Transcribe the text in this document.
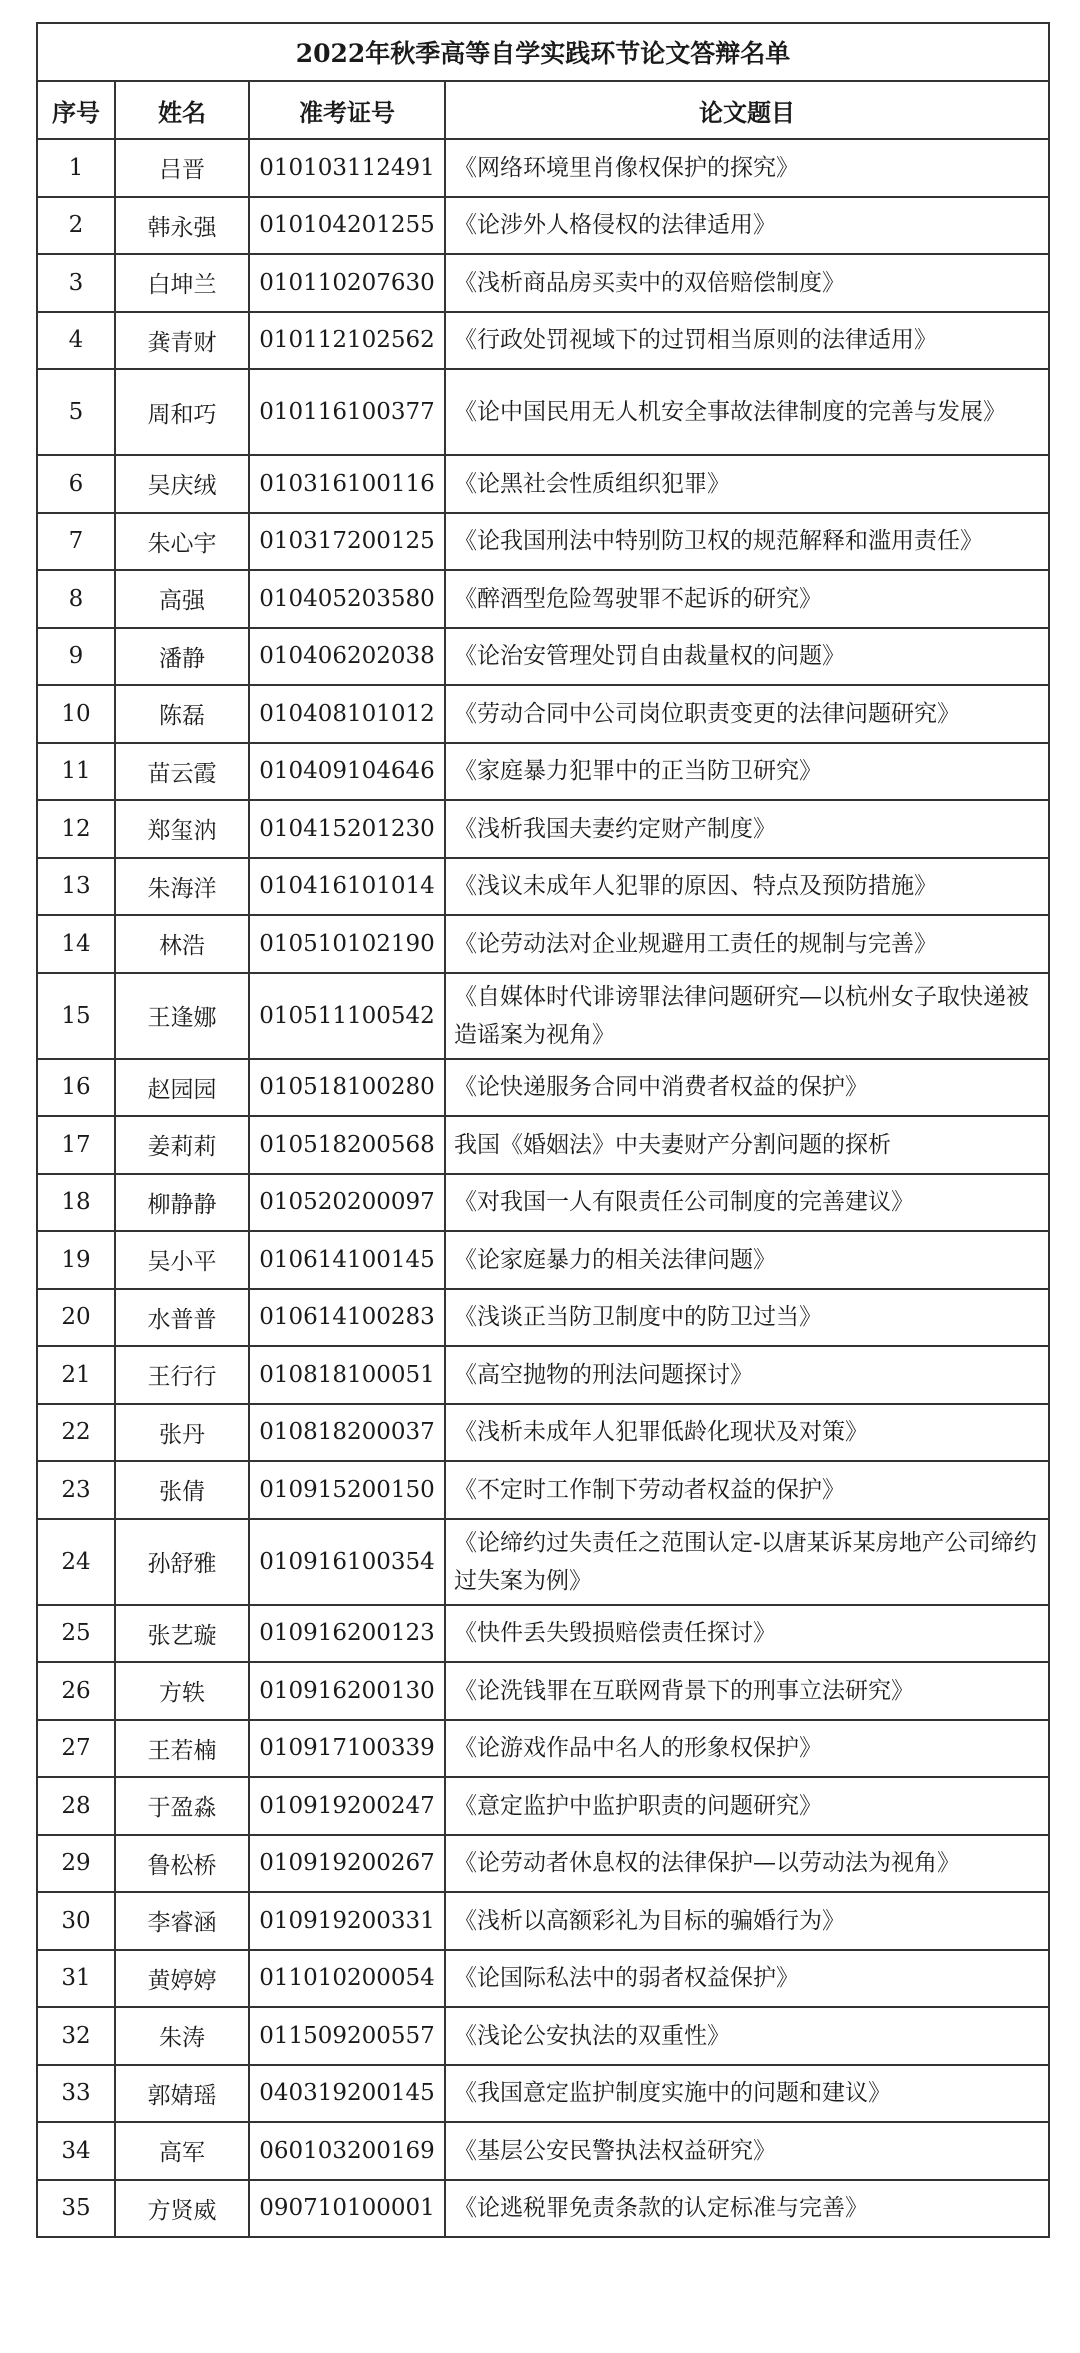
2022年秋季高等自学实践环节论文答辩名单			
序号	姓名	准考证号	论文题目
1	吕晋	010103112491	《网络环境里肖像权保护的探究》
2	韩永强	010104201255	《论涉外人格侵权的法律适用》
3	白坤兰	010110207630	《浅析商品房买卖中的双倍赔偿制度》
4	龚青财	010112102562	《行政处罚视域下的过罚相当原则的法律适用》
5	周和巧	010116100377	《论中国民用无人机安全事故法律制度的完善与发展》
6	吴庆绒	010316100116	《论黑社会性质组织犯罪》
7	朱心宇	010317200125	《论我国刑法中特别防卫权的规范解释和滥用责任》
8	高强	010405203580	《醉酒型危险驾驶罪不起诉的研究》
9	潘静	010406202038	《论治安管理处罚自由裁量权的问题》
10	陈磊	010408101012	《劳动合同中公司岗位职责变更的法律问题研究》
11	苗云霞	010409104646	《家庭暴力犯罪中的正当防卫研究》
12	郑玺汭	010415201230	《浅析我国夫妻约定财产制度》
13	朱海洋	010416101014	《浅议未成年人犯罪的原因、特点及预防措施》
14	林浩	010510102190	《论劳动法对企业规避用工责任的规制与完善》
15	王逢娜	010511100542	《自媒体时代诽谤罪法律问题研究—以杭州女子取快递被造谣案为视角》
16	赵园园	010518100280	《论快递服务合同中消费者权益的保护》
17	姜莉莉	010518200568	我国《婚姻法》中夫妻财产分割问题的探析
18	柳静静	010520200097	《对我国一人有限责任公司制度的完善建议》
19	吴小平	010614100145	《论家庭暴力的相关法律问题》
20	水普普	010614100283	《浅谈正当防卫制度中的防卫过当》
21	王行行	010818100051	《高空抛物的刑法问题探讨》
22	张丹	010818200037	《浅析未成年人犯罪低龄化现状及对策》
23	张倩	010915200150	《不定时工作制下劳动者权益的保护》
24	孙舒雅	010916100354	《论缔约过失责任之范围认定-以唐某诉某房地产公司缔约过失案为例》
25	张艺璇	010916200123	《快件丢失毁损赔偿责任探讨》
26	方轶	010916200130	《论洗钱罪在互联网背景下的刑事立法研究》
27	王若楠	010917100339	《论游戏作品中名人的形象权保护》
28	于盈淼	010919200247	《意定监护中监护职责的问题研究》
29	鲁松桥	010919200267	《论劳动者休息权的法律保护—以劳动法为视角》
30	李睿涵	010919200331	《浅析以高额彩礼为目标的骗婚行为》
31	黄婷婷	011010200054	《论国际私法中的弱者权益保护》
32	朱涛	011509200557	《浅论公安执法的双重性》
33	郭婧瑶	040319200145	《我国意定监护制度实施中的问题和建议》
34	高军	060103200169	《基层公安民警执法权益研究》
35	方贤威	090710100001	《论逃税罪免责条款的认定标准与完善》
